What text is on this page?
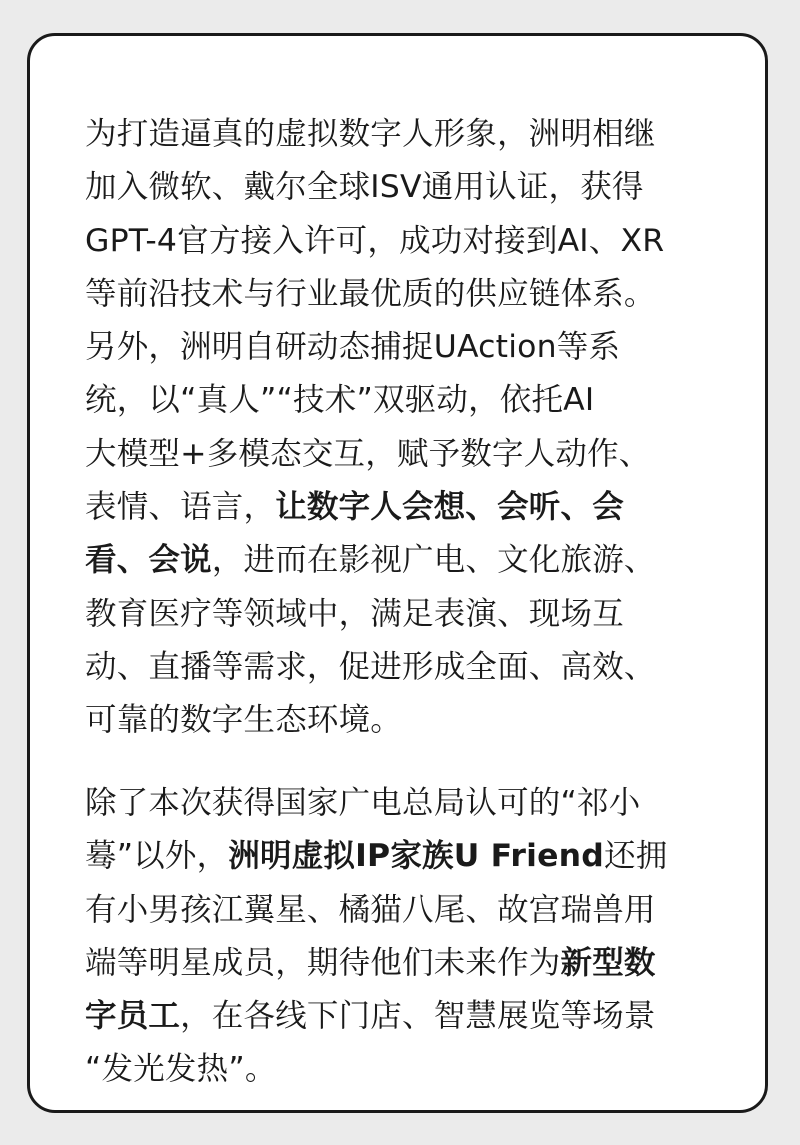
为打造逼真的虚拟数字人形象，洲明相继
加入微软、戴尔全球ISV通用认证，获得
GPT-4官方接入许可，成功对接到AI、XR
等前沿技术与行业最优质的供应链体系。
另外，洲明自研动态捕捉UAction等系
统，以“真人”“技术”双驱动，依托AI
大模型+多模态交互，赋予数字人动作、
表情、语言，让数字人会想、会听、会
看、会说，进而在影视广电、文化旅游、
教育医疗等领域中，满足表演、现场互
动、直播等需求，促进形成全面、高效、
可靠的数字生态环境。
除了本次获得国家广电总局认可的“祁小
蓦”以外，洲明虚拟IP家族U Friend还拥
有小男孩江翼星、橘猫八尾、故宫瑞兽用
端等明星成员，期待他们未来作为新型数
字员工，在各线下门店、智慧展览等场景
“发光发热”。
